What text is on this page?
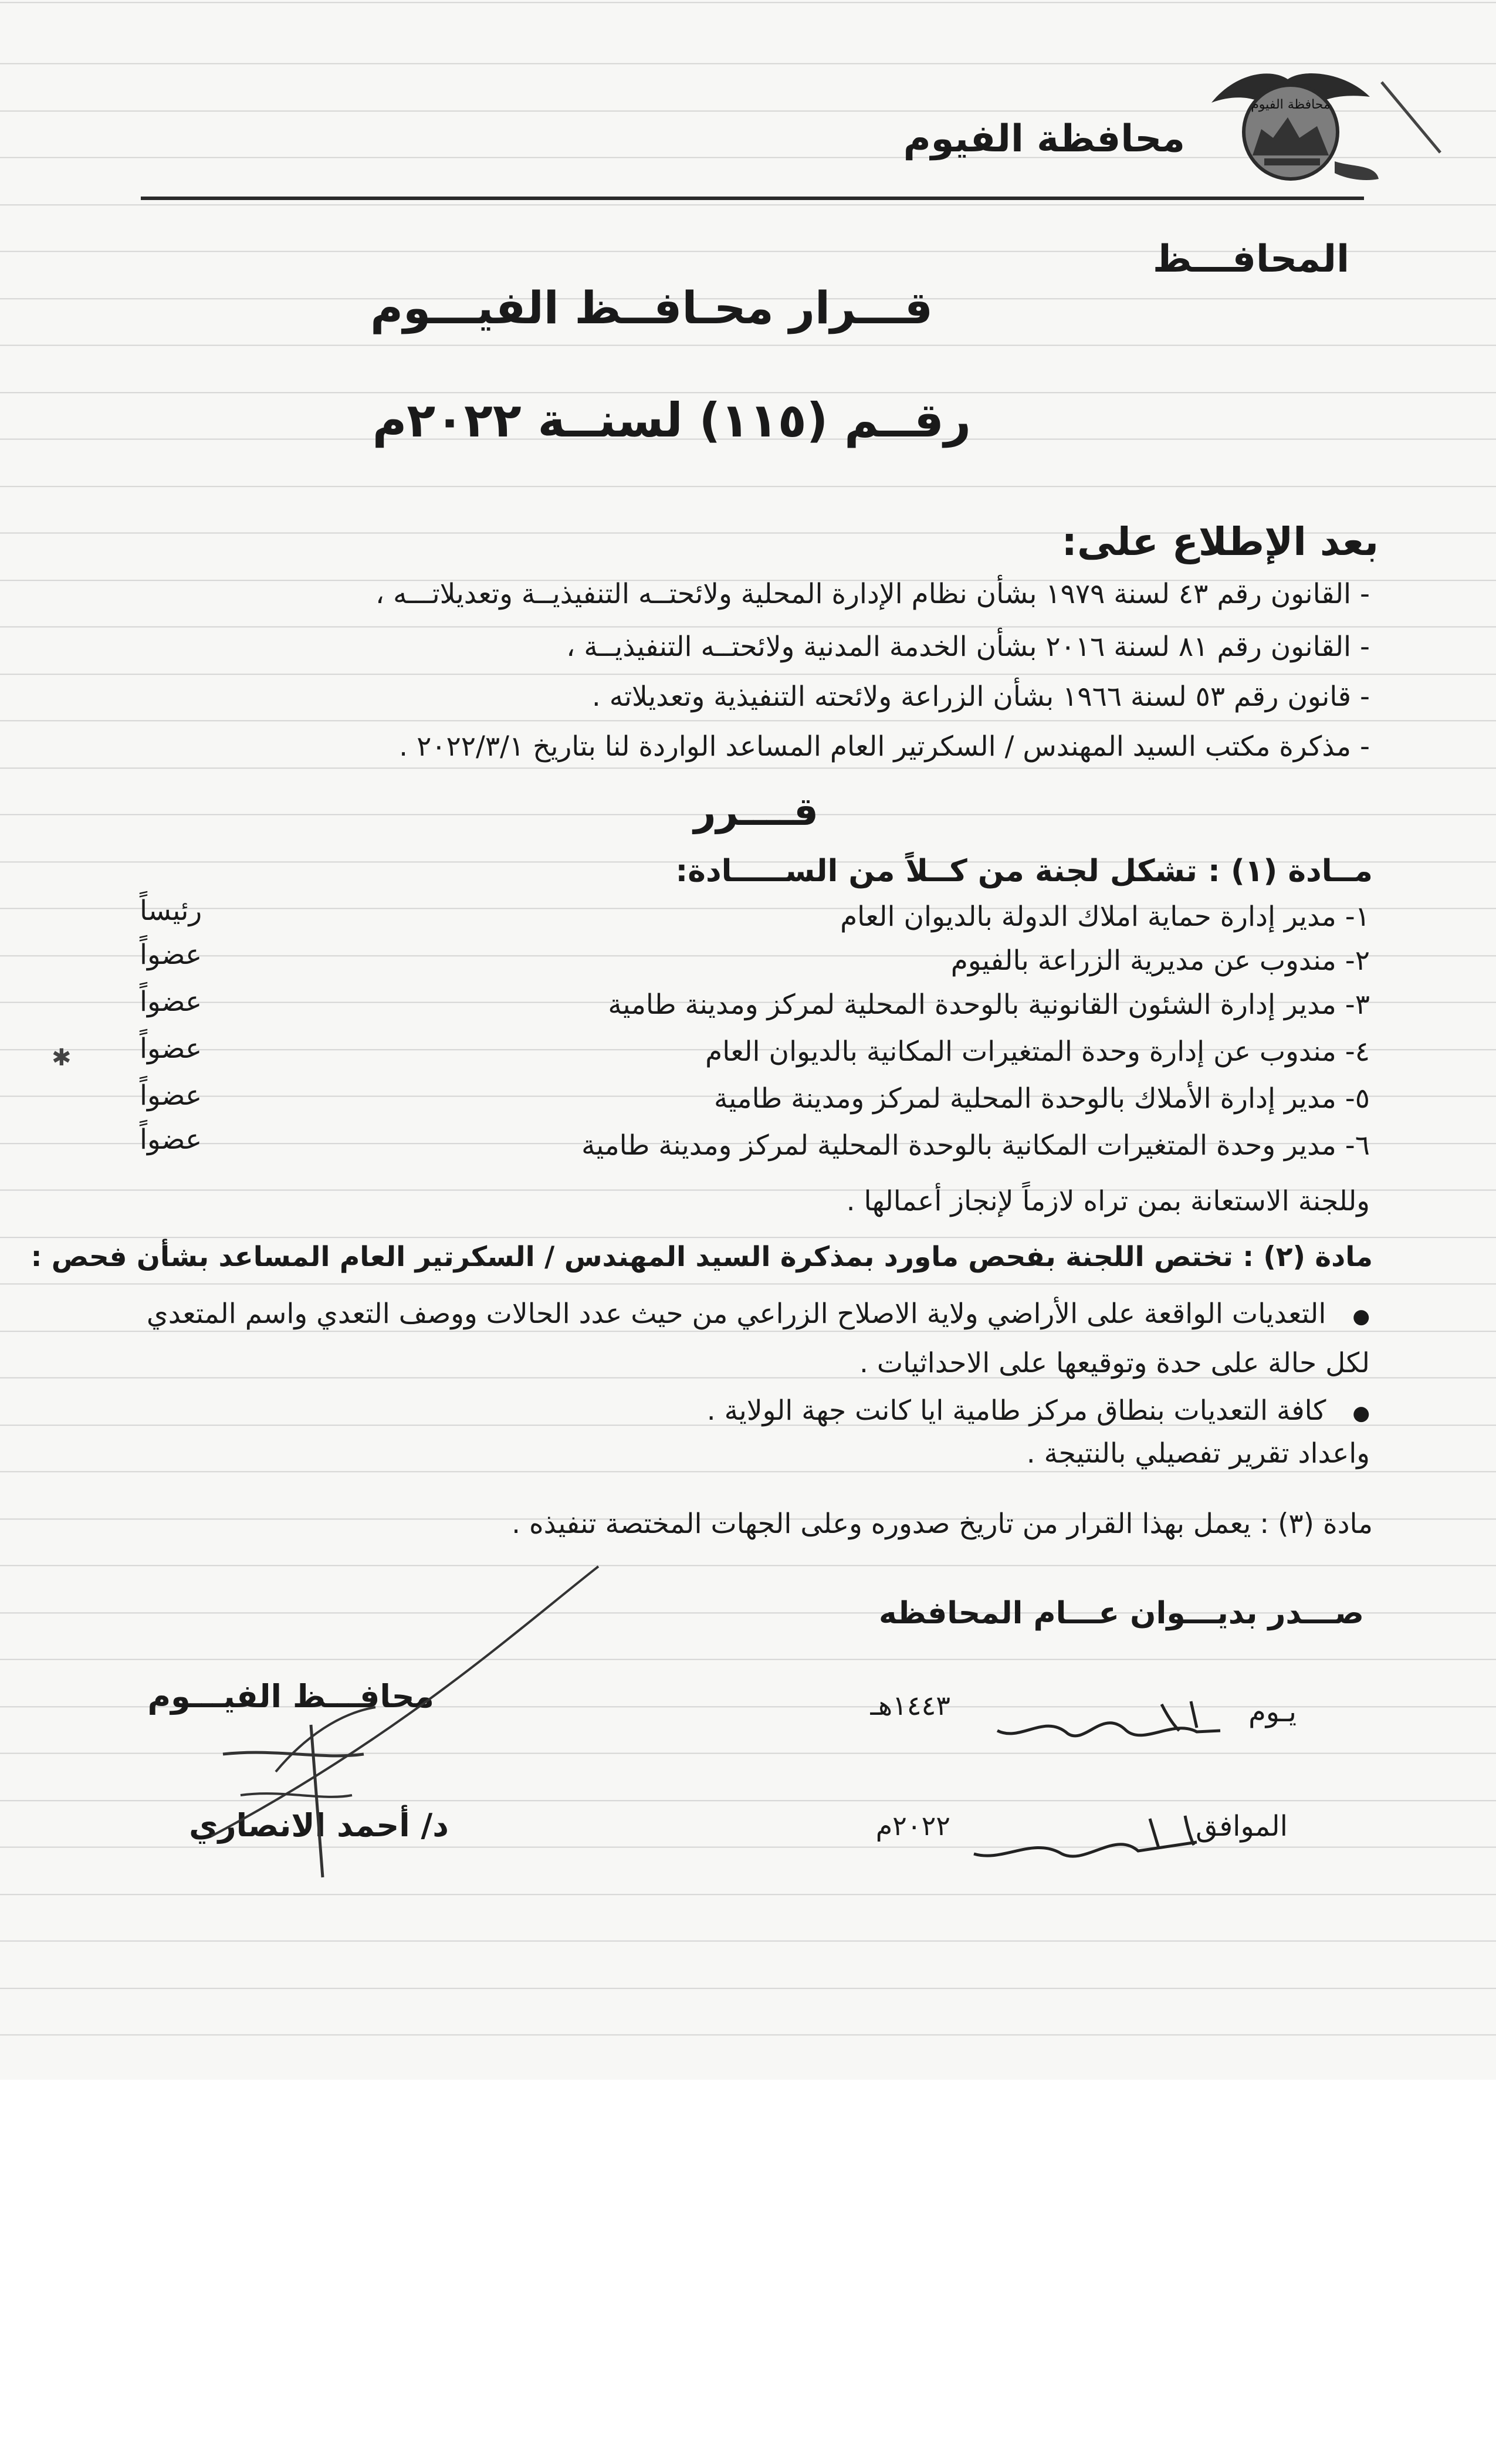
محافظة الفيوم
محافظة الفيوم
المحافـــظ
قـــرار محـافــظ الفيـــوم
رقــم (١١٥) لسنــة ٢٠٢٢م
بعد الإطلاع على:
- القانون رقم ٤٣ لسنة ١٩٧٩ بشأن نظام الإدارة المحلية ولائحتــه التنفيذيــة وتعديلاتـــه ،
- القانون رقم ٨١ لسنة ٢٠١٦ بشأن الخدمة المدنية ولائحتــه التنفيذيــة ،
- قانون رقم ٥٣ لسنة ١٩٦٦ بشأن الزراعة ولائحته التنفيذية وتعديلاته .
- مذكرة مكتب السيد المهندس / السكرتير العام المساعد الواردة لنا بتاريخ ٢٠٢٢/٣/١ .
قــــرر
مــادة (١) : تشكل لجنة من كــلاً من الســـــادة:
١- مدير إدارة حماية املاك الدولة بالديوان العام
رئيساً
٢- مندوب عن مديرية الزراعة بالفيوم
عضواً
٣- مدير إدارة الشئون القانونية بالوحدة المحلية لمركز ومدينة طامية
عضواً
٤- مندوب عن إدارة وحدة المتغيرات المكانية بالديوان العام
عضواً
٥- مدير إدارة الأملاك بالوحدة المحلية لمركز ومدينة طامية
عضواً
٦- مدير وحدة المتغيرات المكانية بالوحدة المحلية لمركز ومدينة طامية
عضواً
وللجنة الاستعانة بمن تراه لازماً لإنجاز أعمالها .
مادة (٢) : تختص اللجنة بفحص ماورد بمذكرة السيد المهندس / السكرتير العام المساعد بشأن فحص :
● التعديات الواقعة على الأراضي ولاية الاصلاح الزراعي من حيث عدد الحالات ووصف التعدي واسم المتعدي لكل حالة على حدة وتوقيعها على الاحداثيات .
● كافة التعديات بنطاق مركز طامية ايا كانت جهة الولاية .
واعداد تقرير تفصيلي بالنتيجة .
مادة (٣) : يعمل بهذا القرار من تاريخ صدوره وعلى الجهات المختصة تنفيذه .
صـــدر بديـــوان عـــام المحافظه
محافـــظ الفيـــوم
د/ أحمد الانصاري
يـوم
١٤٤٣هـ
الموافق
٢٠٢٢م
✱
